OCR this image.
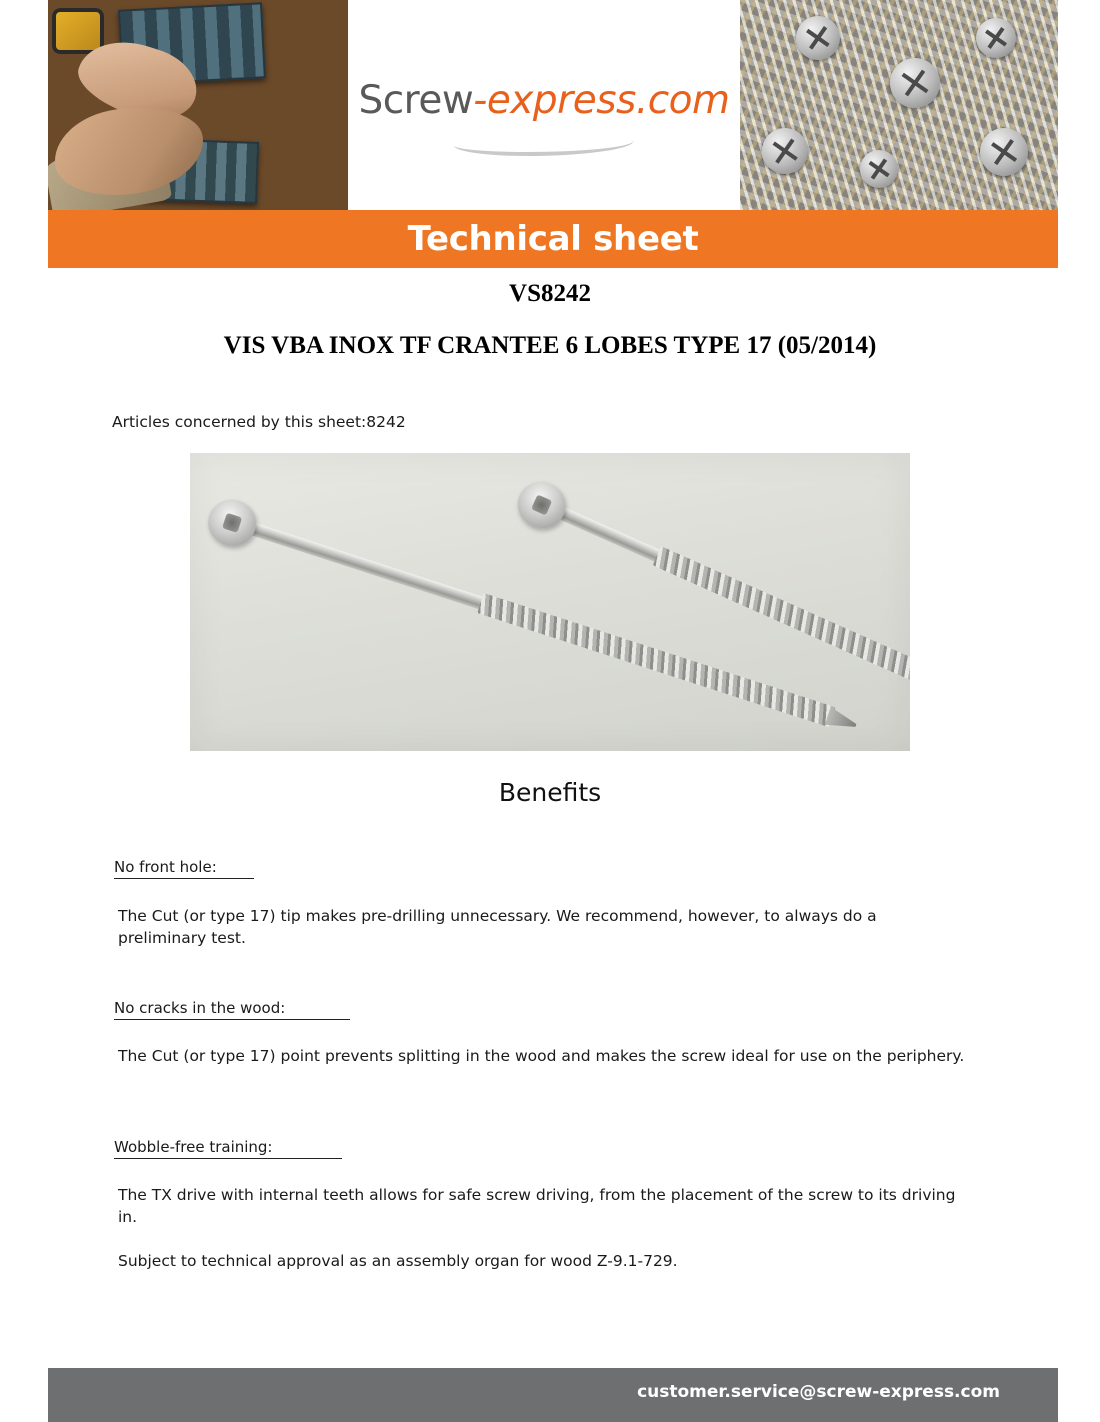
Screw-express.com
Technical sheet
VS8242
VIS VBA INOX TF CRANTEE 6 LOBES TYPE 17 (05/2014)
Articles concerned by this sheet:8242
Benefits
No front hole:
The Cut (or type 17) tip makes pre-drilling unnecessary. We recommend, however, to always do a preliminary test.
No cracks in the wood:
The Cut (or type 17) point prevents splitting in the wood and makes the screw ideal for use on the periphery.
Wobble-free training:
The TX drive with internal teeth allows for safe screw driving, from the placement of the screw to its driving in.
Subject to technical approval as an assembly organ for wood Z-9.1-729.
customer.service@screw-express.com
